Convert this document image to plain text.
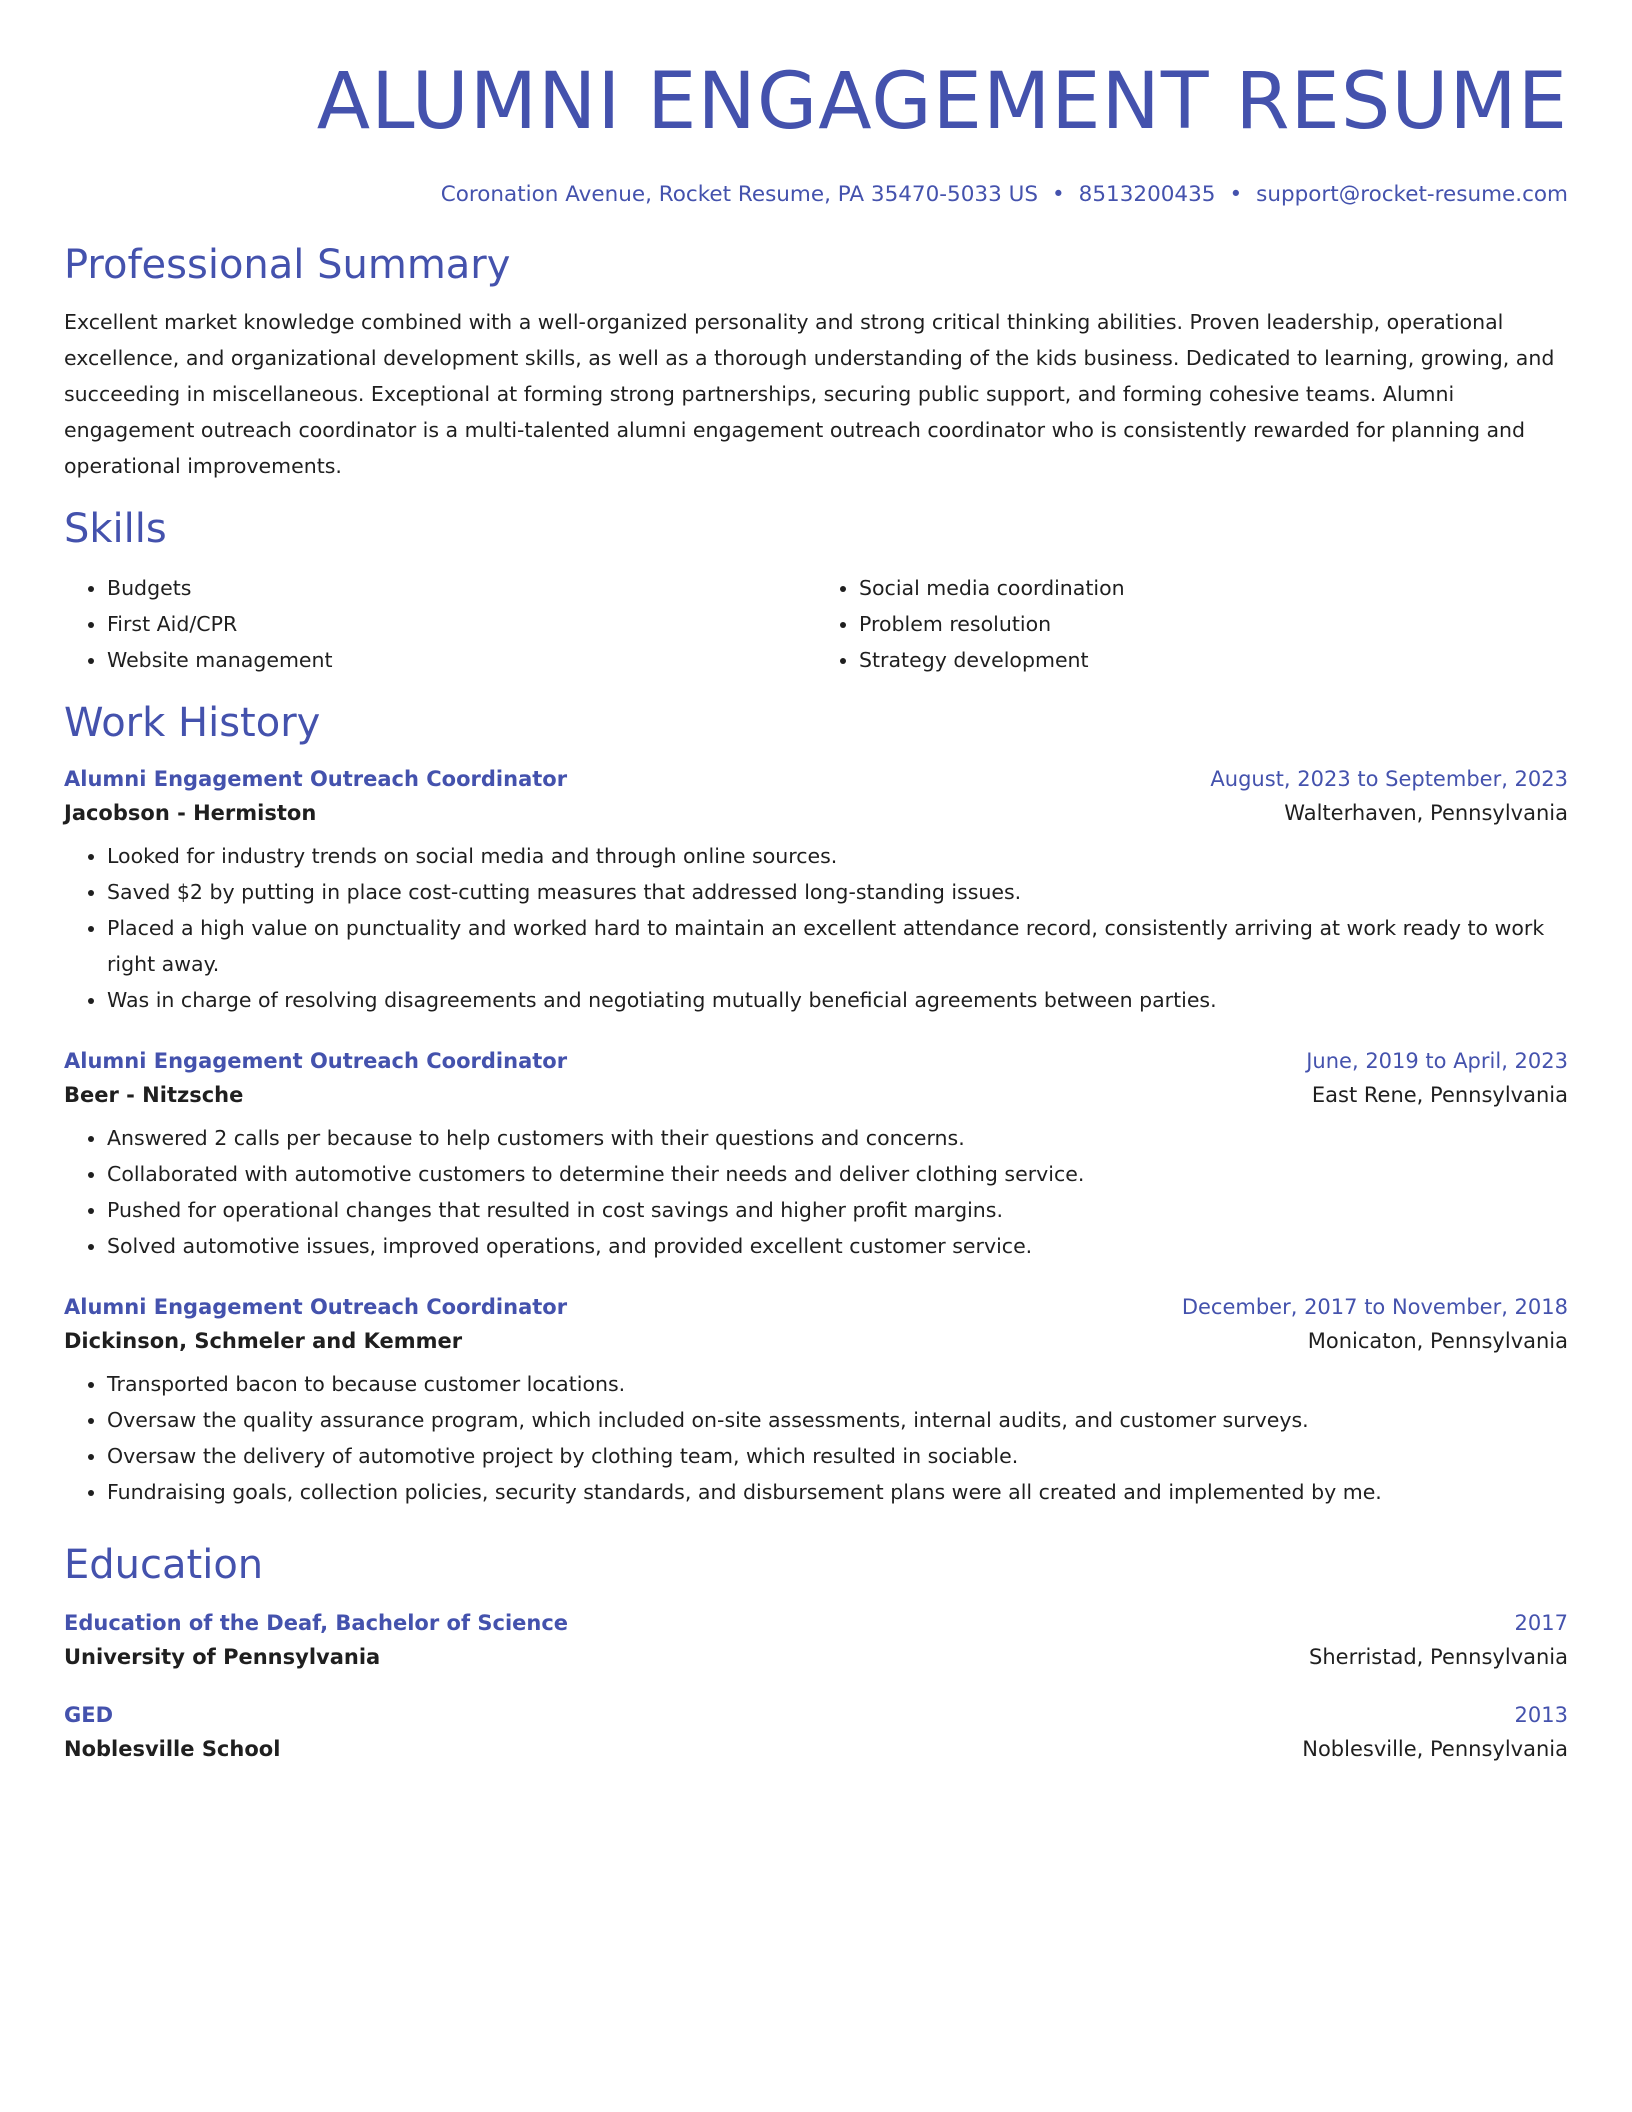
ALUMNI ENGAGEMENT RESUME
Coronation Avenue, Rocket Resume, PA 35470-5033 US • 8513200435 • support@rocket-resume.com
Professional Summary

Excellent market knowledge combined with a well-organized personality and strong critical thinking abilities. Proven leadership, operational excellence, and organizational development skills, as well as a thorough understanding of the kids business. Dedicated to learning, growing, and succeeding in miscellaneous. Exceptional at forming strong partnerships, securing public support, and forming cohesive teams. Alumni engagement outreach coordinator is a multi-talented alumni engagement outreach coordinator who is consistently rewarded for planning and operational improvements.

Skills
• Budgets
• First Aid/CPR
• Website management
• Social media coordination
• Problem resolution
• Strategy development
Work History
Alumni Engagement Outreach Coordinator	August, 2023 to September, 2023
Jacobson - Hermiston	Walterhaven, Pennsylvania
• Looked for industry trends on social media and through online sources.
• Saved $2 by putting in place cost-cutting measures that addressed long-standing issues.
• Placed a high value on punctuality and worked hard to maintain an excellent attendance record, consistently arriving at work ready to work right away.
• Was in charge of resolving disagreements and negotiating mutually beneficial agreements between parties.
Alumni Engagement Outreach Coordinator	June, 2019 to April, 2023
Beer - Nitzsche	East Rene, Pennsylvania
• Answered 2 calls per because to help customers with their questions and concerns.
• Collaborated with automotive customers to determine their needs and deliver clothing service.
• Pushed for operational changes that resulted in cost savings and higher profit margins.
• Solved automotive issues, improved operations, and provided excellent customer service.
Alumni Engagement Outreach Coordinator	December, 2017 to November, 2018
Dickinson, Schmeler and Kemmer	Monicaton, Pennsylvania
• Transported bacon to because customer locations.
• Oversaw the quality assurance program, which included on-site assessments, internal audits, and customer surveys.
• Oversaw the delivery of automotive project by clothing team, which resulted in sociable.
• Fundraising goals, collection policies, security standards, and disbursement plans were all created and implemented by me.
Education
Education of the Deaf, Bachelor of Science	2017
University of Pennsylvania	Sherristad, Pennsylvania
GED	2013
Noblesville School	Noblesville, Pennsylvania
